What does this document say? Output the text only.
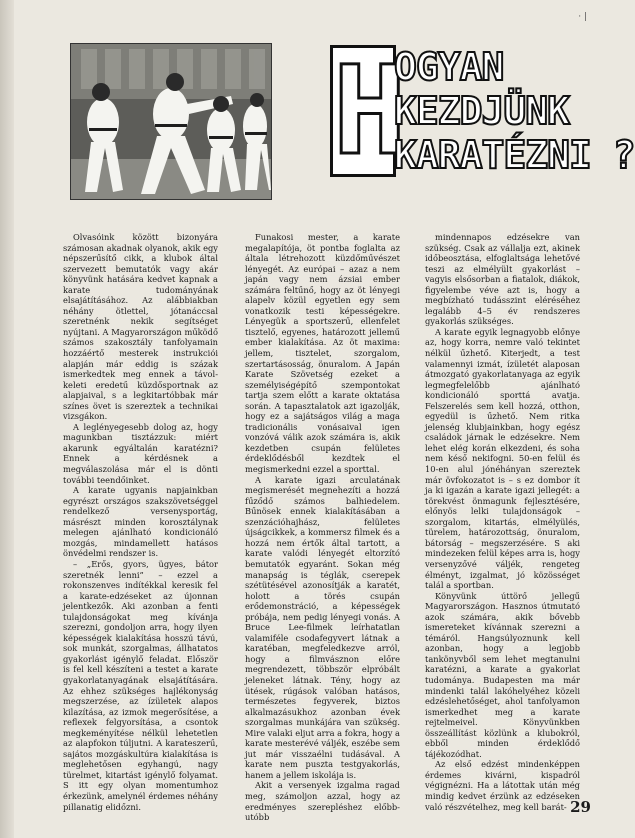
· |
H
OGYAN
KEZDJÜNK
KARATÉZNI ?

Olvasóink között bizonyára számosan akadnak olyanok, akik egy népszerűsítő cikk, a klubok által szervezett bemutatók vagy akár könyvünk hatására kedvet kapnak a karate tudományának elsajátításához. Az alábbiakban néhány ötlettel, jótanáccsal szeretnénk nekik segítséget nyújtani. A Magyarországon működő számos szakosztály tanfolyamain hozzáértő mesterek instrukciói alapján már eddig is százak ismerkedtek meg ennek a távol-keleti eredetű küzdősportnak az alapjaival, s a legkitartóbbak már színes övet is szereztek a technikai vizsgákon.

A leglényegesebb dolog az, hogy magunkban tisztázzuk: miért akarunk egyáltalán karatézni? Ennek a kérdésnek a megválaszolása már el is dönti további teendőinket.

A karate ugyanis napjainkban egyrészt országos szakszövetséggel rendelkező versenysportág, másrészt minden korosztálynak melegen ajánlható kondicionáló mozgás, mindamellett hatásos önvédelmi rendszer is.

– „Erős, gyors, ügyes, bátor szeretnék lenni” – ezzel a rokonszenves indítékkal keresik fel a karate-edzéseket az újonnan jelentkezők. Aki azonban a fenti tulajdonságokat meg kívánja szerezni, gondoljon arra, hogy ilyen képességek kialakítása hosszú távú, sok munkát, szorgalmas, állhatatos gyakorlást igénylő feladat. Először is fel kell készíteni a testet a karate gyakorlatanyagának elsajátítására. Az ehhez szükséges hajlékonyság megszerzése, az ízületek alapos kilazítása, az izmok megerősítése, a reflexek felgyorsítása, a csontok megkeményítése nélkül lehetetlen az alapfokon túljutni. A karateszerű, sajátos mozgáskultúra kialakítása is meglehetősen egyhangú, nagy türelmet, kitartást igénylő folyamat. S itt egy olyan momentumhoz érkezünk, amelynél érdemes néhány pillanatig elidőzni.

Funakosi mester, a karate megalapítója, öt pontba foglalta az általa létrehozott küzdőművészet lényegét. Az európai – azaz a nem japán vagy nem ázsiai ember számára feltűnő, hogy az öt lényegi alapelv közül egyetlen egy sem vonatkozik testi képességekre. Lényegük a sportszerű, ellenfelet tisztelő, egyenes, határozott jellemű ember kialakítása. Az öt maxima: jellem, tisztelet, szorgalom, szertartásosság, önuralom. A Japán Karate Szövetség ezeket a személyiségépítő szempontokat tartja szem előtt a karate oktatása során. A tapasztalatok azt igazolják, hogy ez a sajátságos világ a maga tradicionális vonásaival igen vonzóvá válik azok számára is, akik kezdetben csupán felületes érdeklődésből kezdtek el megismerkedni ezzel a sporttal.

A karate igazi arculatának megismerését megnehezíti a hozzá fűződő számos balhiedelem. Bűnösek ennek kialakításában a szenzációhajhász, felületes újságcikkek, a kommersz filmek és a hozzá nem értők által tartott, a karate valódi lényegét eltorzító bemutatók egyaránt. Sokan még manapság is téglák, cserepek szétütésével azonosítják a karatét, holott a törés csupán erődemonstráció, a képességek próbája, nem pedig lényegi vonás. A Bruce Lee-filmek leírhatatlan valamiféle csodafegyvert látnak a karatéban, megfeledkezve arról, hogy a filmvásznon előre megrendezett, többször elpróbált jeleneket látnak. Tény, hogy az ütések, rúgások valóban hatásos, természetes fegyverek, biztos alkalmazásukhoz azonban évek szorgalmas munkájára van szükség. Mire valaki eljut arra a fokra, hogy a karate mesterévé váljék, eszébe sem jut már visszaélni tudásával. A karate nem puszta testgyakorlás, hanem a jellem iskolája is.

Akit a versenyek izgalma ragad meg, számoljon azzal, hogy az eredményes szerepléshez előbb-utóbb

mindennapos edzésekre van szükség. Csak az vállalja ezt, akinek időbeosztása, elfoglaltsága lehetővé teszi az elmélyült gyakorlást – vagyis elsősorban a fiatalok, diákok, figyelembe véve azt is, hogy a megbízható tudásszint eléréséhez legalább 4–5 év rendszeres gyakorlás szükséges.

A karate egyik legnagyobb előnye az, hogy korra, nemre való tekintet nélkül űzhető. Kiterjedt, a test valamennyi izmát, ízületét alaposan átmozgató gyakorlatanyaga az egyik legmegfelelőbb ajánlható kondicionáló sporttá avatja. Felszerelés sem kell hozzá, otthon, egyedül is űzhető. Nem ritka jelenség klubjainkban, hogy egész családok járnak le edzésekre. Nem lehet elég korán elkezdeni, és soha nem késő nekifogni. 50-en felül és 10-en alul jónéhányan szereztek már övfokozatot is – s ez dombor ít ja ki igazán a karate igazi jellegét: a törekvést önmagunk fejlesztésére, előnyös lelki tulajdonságok – szorgalom, kitartás, elmélyülés, türelem, határozottság, önuralom, bátorság – megszerzésére. S aki mindezeken felül képes arra is, hogy versenyzővé váljék, rengeteg élményt, izgalmat, jó közösséget talál a sportban.

Könyvünk úttörő jellegű Magyarországon. Hasznos útmutató azok számára, akik bővebb ismereteket kívánnak szerezni a témáról. Hangsúlyoznunk kell azonban, hogy a legjobb tankönyvből sem lehet megtanulni karatézni, a karate a gyakorlat tudománya. Budapesten ma már mindenki talál lakóhelyéhez közeli edzéslehetőséget, ahol tanfolyamon ismerkedhet meg a karate rejtelmeivel. Könyvünkben összeállítást közlünk a klubokról, ebből minden érdeklődő tájékozódhat.

Az első edzést mindenképpen érdemes kivárni, kispadról végignézni. Ha a látottak után még mindig kedvet érzünk az edzéseken való részvételhez, meg kell barát- 29
